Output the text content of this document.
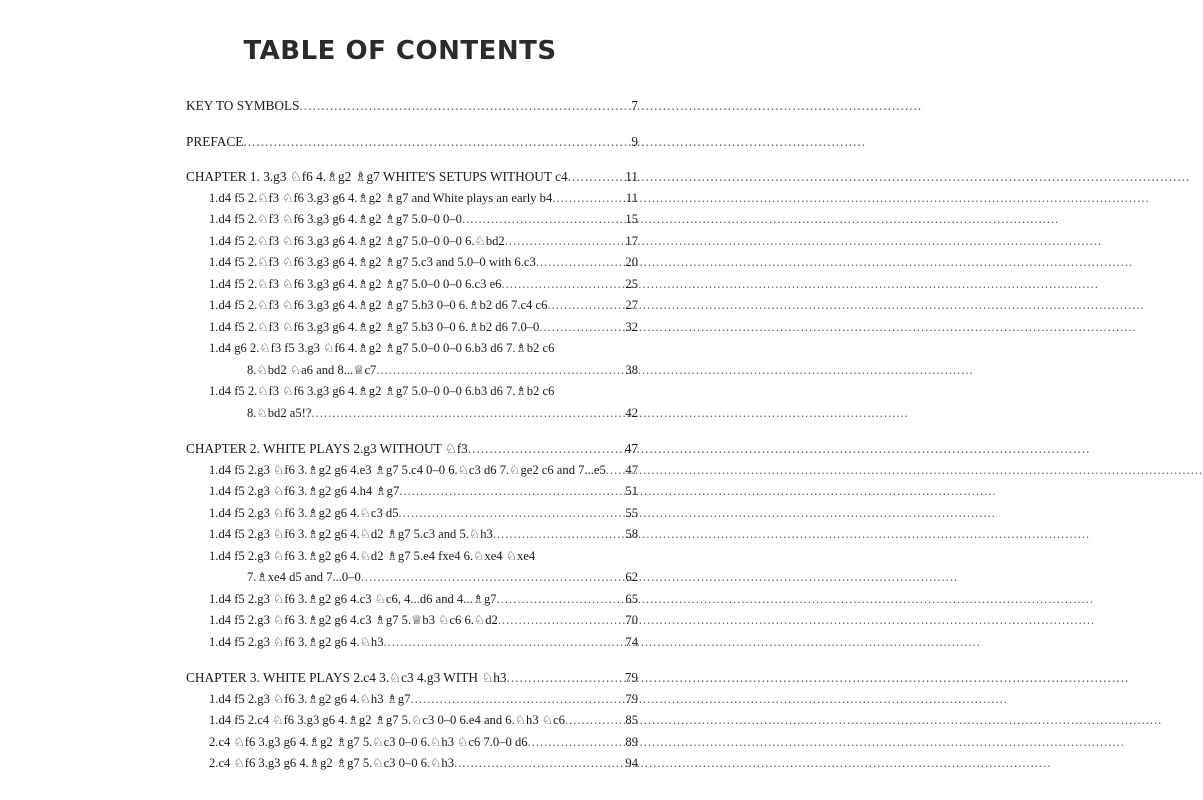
TABLE OF CONTENTS
KEY TO SYMBOLS .....	7
PREFACE .....	9
CHAPTER 1. 3.g3 ♘f6 4.♗g2 ♗g7 WHITE'S SETUPS WITHOUT c4 .....	11
1.d4 f5 2.♘f3 ♘f6 3.g3 g6 4.♗g2 ♗g7 and White plays an early b4 .....	11
1.d4 f5 2.♘f3 ♘f6 3.g3 g6 4.♗g2 ♗g7 5.0–0 0–0 .....	15
1.d4 f5 2.♘f3 ♘f6 3.g3 g6 4.♗g2 ♗g7 5.0–0 0–0 6.♘bd2 .....	17
1.d4 f5 2.♘f3 ♘f6 3.g3 g6 4.♗g2 ♗g7 5.c3 and 5.0–0 with 6.c3 .....	20
1.d4 f5 2.♘f3 ♘f6 3.g3 g6 4.♗g2 ♗g7 5.0–0 0–0 6.c3 e6 .....	25
1.d4 f5 2.♘f3 ♘f6 3.g3 g6 4.♗g2 ♗g7 5.b3 0–0 6.♗b2 d6 7.c4 c6 .....	27
1.d4 f5 2.♘f3 ♘f6 3.g3 g6 4.♗g2 ♗g7 5.b3 0–0 6.♗b2 d6 7.0–0 .....	32
1.d4 g6 2.♘f3 f5 3.g3 ♘f6 4.♗g2 ♗g7 5.0–0 0–0 6.b3 d6 7.♗b2 c6
8.♘bd2 ♘a6 and 8...♕c7 .....	38
1.d4 f5 2.♘f3 ♘f6 3.g3 g6 4.♗g2 ♗g7 5.0–0 0–0 6.b3 d6 7.♗b2 c6
8.♘bd2 a5!? .....	42
CHAPTER 2. WHITE PLAYS 2.g3 WITHOUT ♘f3 .....	47
1.d4 f5 2.g3 ♘f6 3.♗g2 g6 4.e3 ♗g7 5.c4 0–0 6.♘c3 d6 7.♘ge2 c6 and 7...e5 ..... 47
1.d4 f5 2.g3 ♘f6 3.♗g2 g6 4.h4 ♗g7 .....	51
1.d4 f5 2.g3 ♘f6 3.♗g2 g6 4.♘c3 d5 .....	55
1.d4 f5 2.g3 ♘f6 3.♗g2 g6 4.♘d2 ♗g7 5.c3 and 5.♘h3 .....	58
1.d4 f5 2.g3 ♘f6 3.♗g2 g6 4.♘d2 ♗g7 5.e4 fxe4 6.♘xe4 ♘xe4
7.♗xe4 d5 and 7...0–0 .....	62
1.d4 f5 2.g3 ♘f6 3.♗g2 g6 4.c3 ♘c6, 4...d6 and 4...♗g7 .....	65
1.d4 f5 2.g3 ♘f6 3.♗g2 g6 4.c3 ♗g7 5.♕b3 ♘c6 6.♘d2 .....	70
1.d4 f5 2.g3 ♘f6 3.♗g2 g6 4.♘h3 .....	74
CHAPTER 3. WHITE PLAYS 2.c4 3.♘c3 4.g3 WITH ♘h3 .....	79
1.d4 f5 2.g3 ♘f6 3.♗g2 g6 4.♘h3 ♗g7 .....	79
1.d4 f5 2.c4 ♘f6 3.g3 g6 4.♗g2 ♗g7 5.♘c3 0–0 6.e4 and 6.♘h3 ♘c6 .....	85
2.c4 ♘f6 3.g3 g6 4.♗g2 ♗g7 5.♘c3 0–0 6.♘h3 ♘c6 7.0–0 d6 .....	89
2.c4 ♘f6 3.g3 g6 4.♗g2 ♗g7 5.♘c3 0–0 6.♘h3 .....	94
